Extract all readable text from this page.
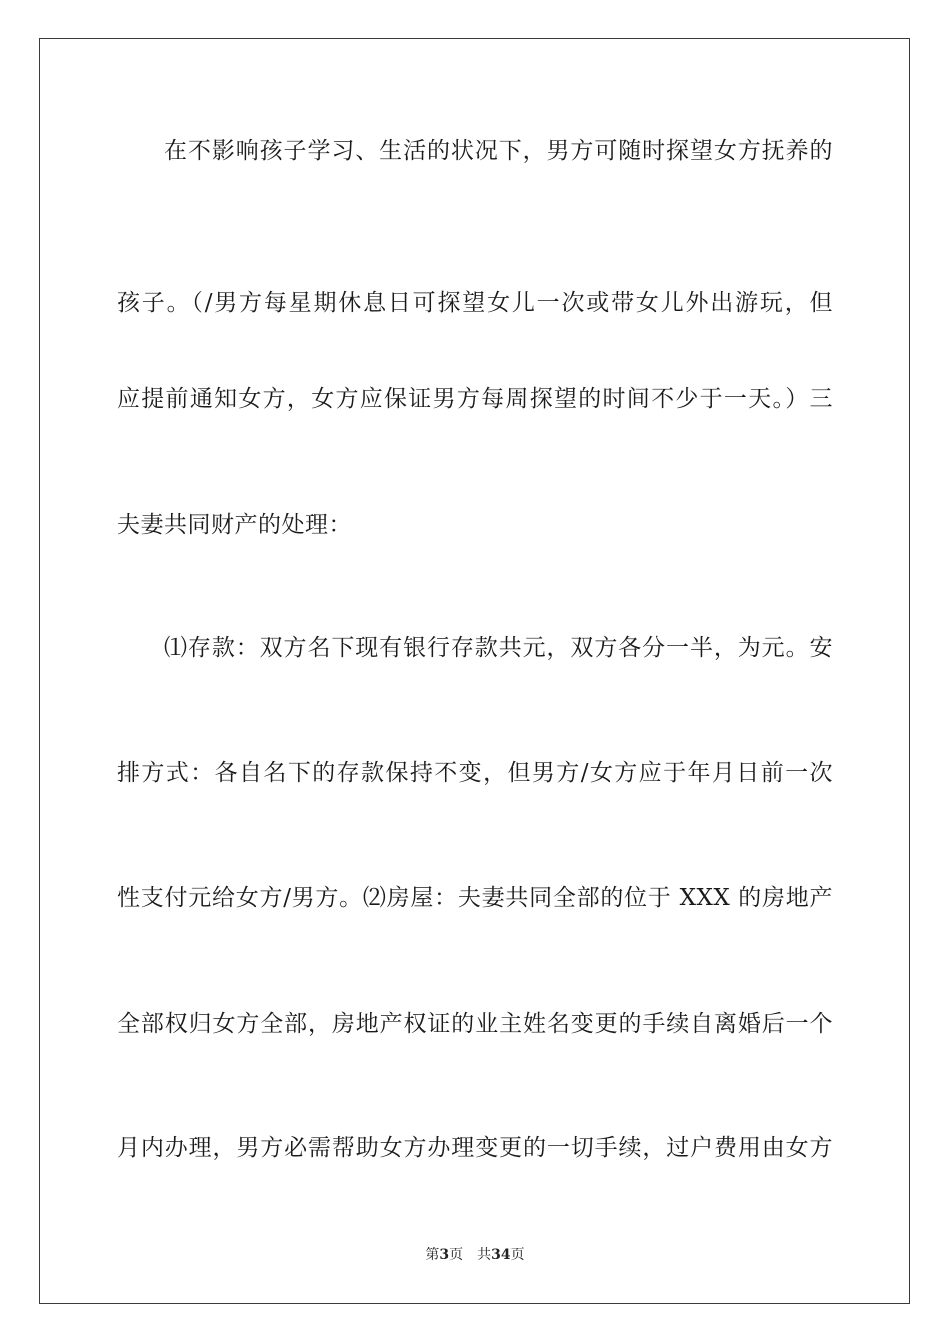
在不影响孩子学习、生活的状况下，男方可随时探望女方抚养的
孩子。（/男方每星期休息日可探望女儿一次或带女儿外出游玩，但
应提前通知女方，女方应保证男方每周探望的时间不少于一天。）三
夫妻共同财产的处理：
⑴存款：双方名下现有银行存款共元，双方各分一半，为元。安
排方式：各自名下的存款保持不变，但男方/女方应于年月日前一次
性支付元给女方/男方。⑵房屋：夫妻共同全部的位于 XXX 的房地产
全部权归女方全部，房地产权证的业主姓名变更的手续自离婚后一个
月内办理，男方必需帮助女方办理变更的一切手续，过户费用由女方
第3页 共34页
